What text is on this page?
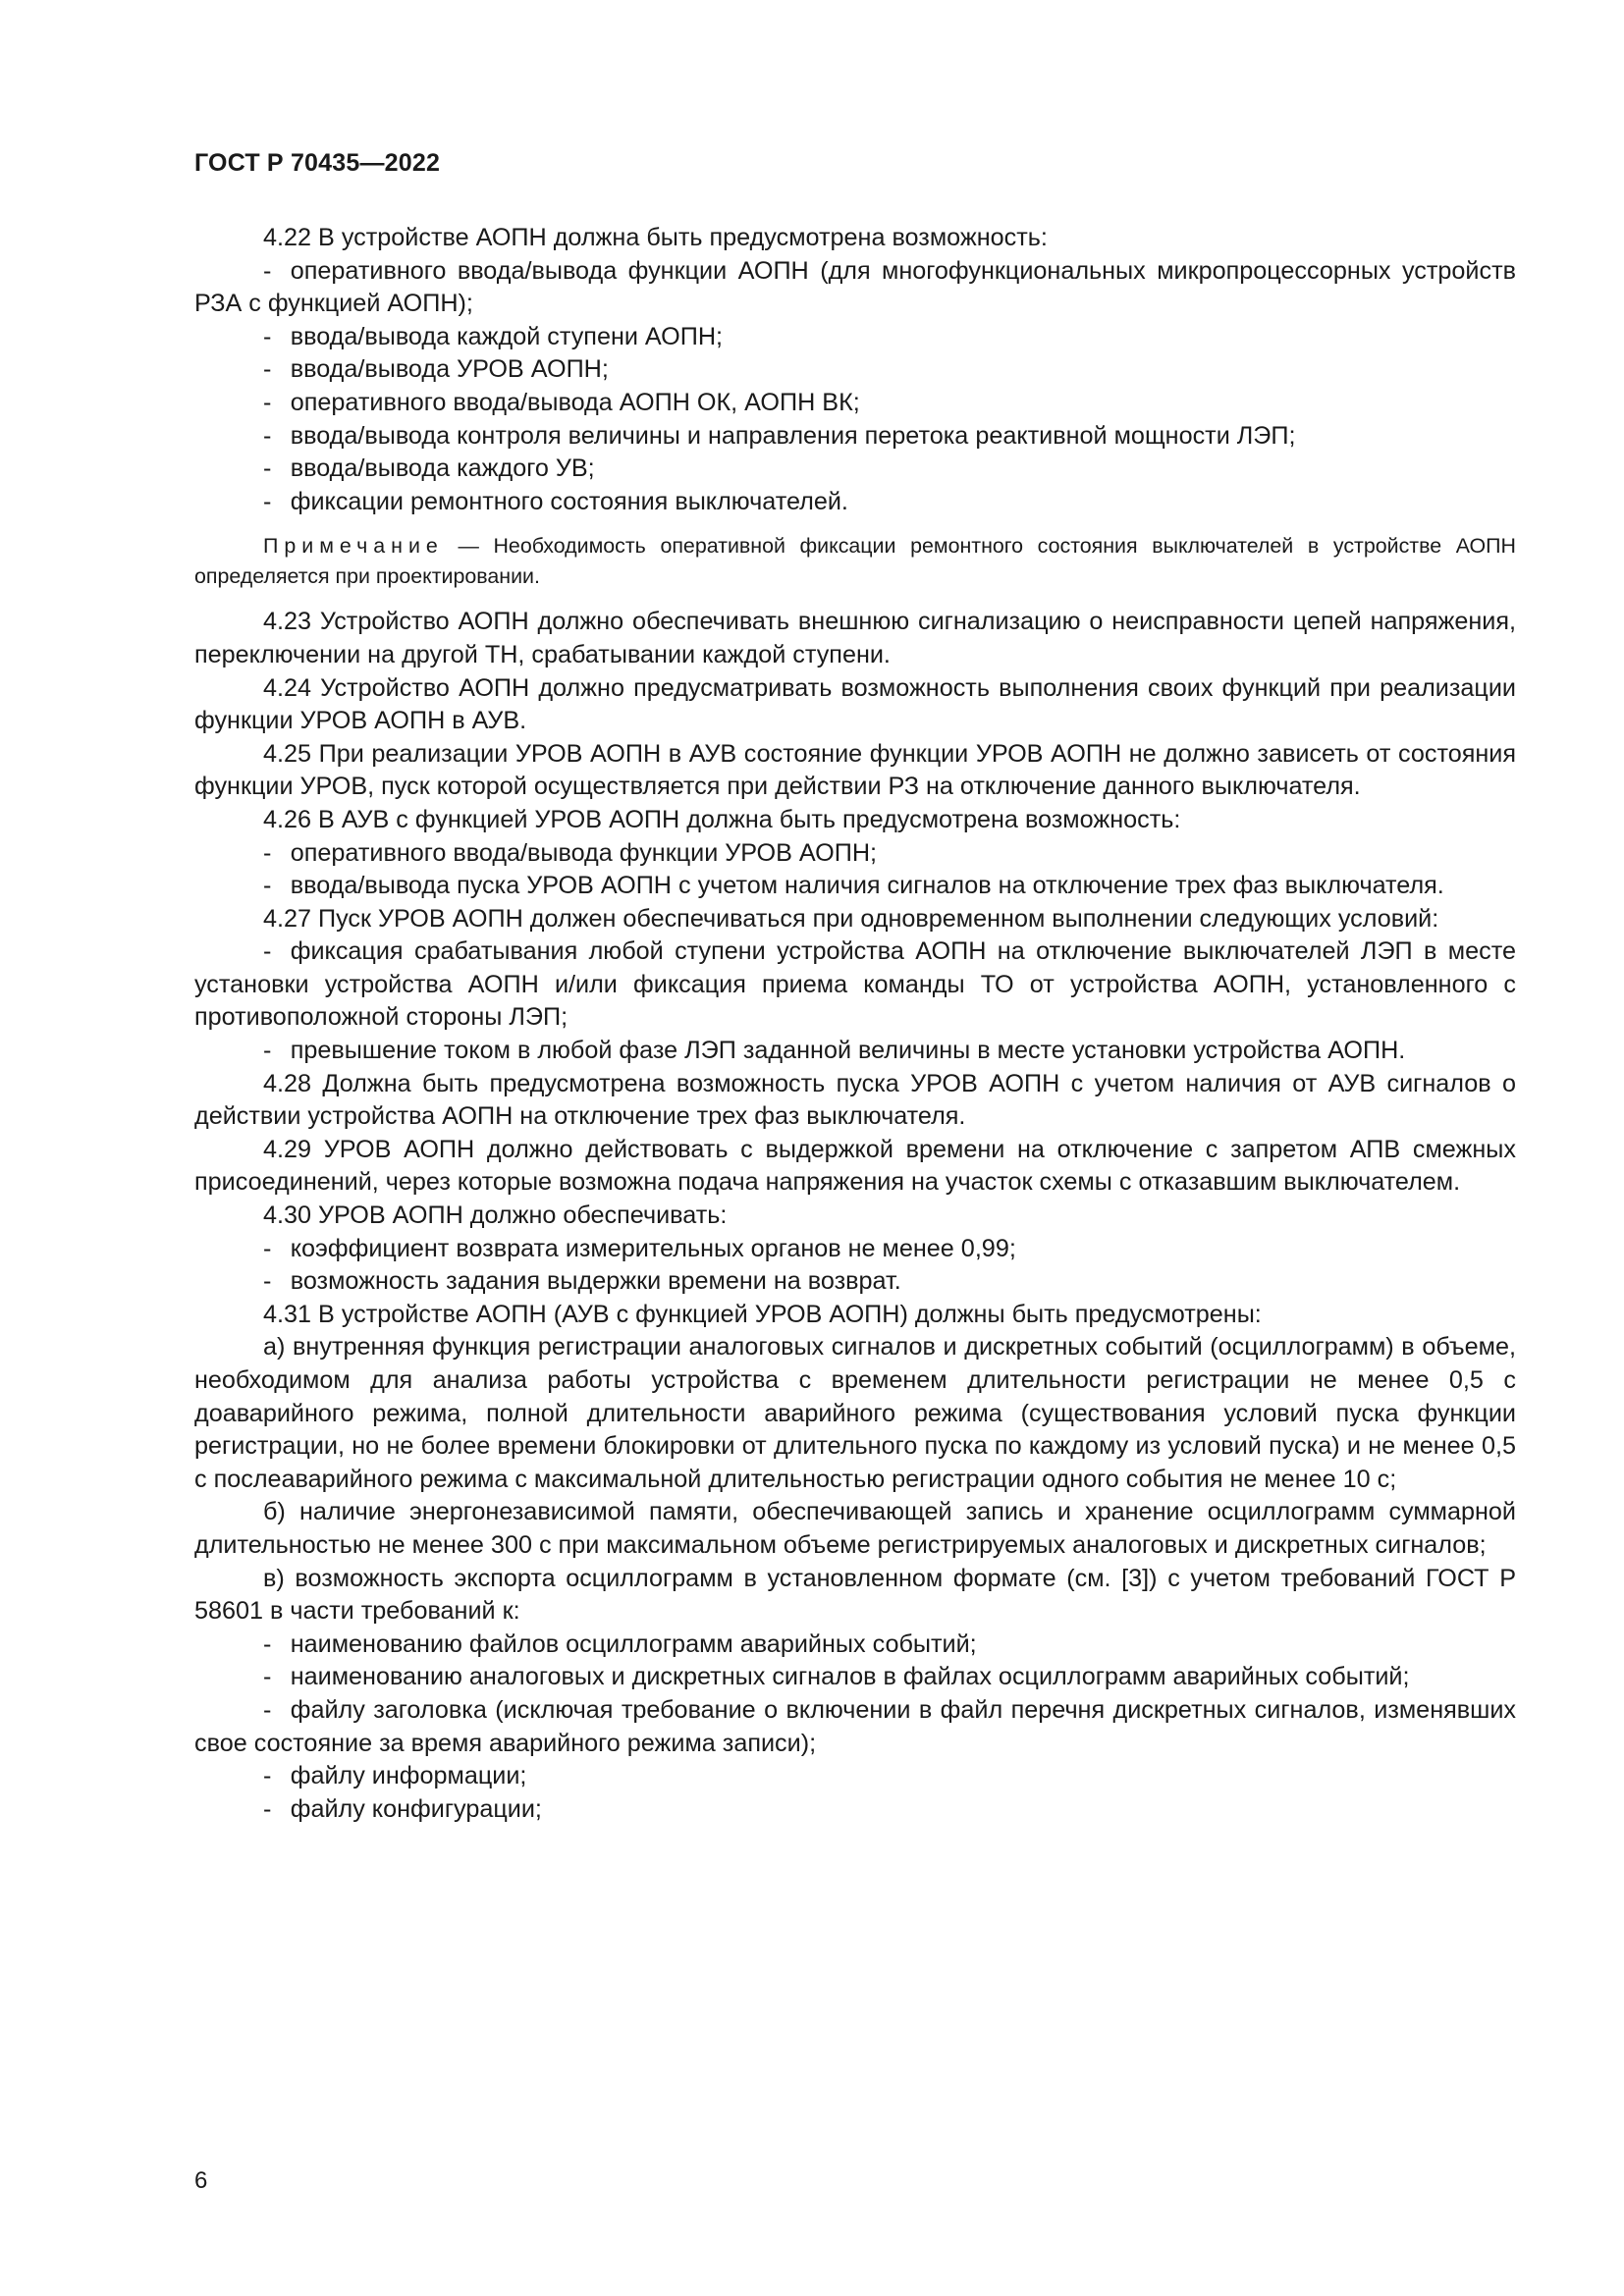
ГОСТ Р 70435—2022
4.22 В устройстве АОПН должна быть предусмотрена возможность:
- оперативного ввода/вывода функции АОПН (для многофункциональных микропроцессорных устройств РЗА с функцией АОПН);
- ввода/вывода каждой ступени АОПН;
- ввода/вывода УРОВ АОПН;
- оперативного ввода/вывода АОПН ОК, АОПН ВК;
- ввода/вывода контроля величины и направления перетока реактивной мощности ЛЭП;
- ввода/вывода каждого УВ;
- фиксации ремонтного состояния выключателей.
Примечание — Необходимость оперативной фиксации ремонтного состояния выключателей в устройстве АОПН определяется при проектировании.
4.23 Устройство АОПН должно обеспечивать внешнюю сигнализацию о неисправности цепей напряжения, переключении на другой ТН, срабатывании каждой ступени.
4.24 Устройство АОПН должно предусматривать возможность выполнения своих функций при реализации функции УРОВ АОПН в АУВ.
4.25 При реализации УРОВ АОПН в АУВ состояние функции УРОВ АОПН не должно зависеть от состояния функции УРОВ, пуск которой осуществляется при действии РЗ на отключение данного выключателя.
4.26 В АУВ с функцией УРОВ АОПН должна быть предусмотрена возможность:
- оперативного ввода/вывода функции УРОВ АОПН;
- ввода/вывода пуска УРОВ АОПН с учетом наличия сигналов на отключение трех фаз выключателя.
4.27 Пуск УРОВ АОПН должен обеспечиваться при одновременном выполнении следующих условий:
- фиксация срабатывания любой ступени устройства АОПН на отключение выключателей ЛЭП в месте установки устройства АОПН и/или фиксация приема команды ТО от устройства АОПН, установленного с противоположной стороны ЛЭП;
- превышение током в любой фазе ЛЭП заданной величины в месте установки устройства АОПН.
4.28 Должна быть предусмотрена возможность пуска УРОВ АОПН с учетом наличия от АУВ сигналов о действии устройства АОПН на отключение трех фаз выключателя.
4.29 УРОВ АОПН должно действовать с выдержкой времени на отключение с запретом АПВ смежных присоединений, через которые возможна подача напряжения на участок схемы с отказавшим выключателем.
4.30 УРОВ АОПН должно обеспечивать:
- коэффициент возврата измерительных органов не менее 0,99;
- возможность задания выдержки времени на возврат.
4.31 В устройстве АОПН (АУВ с функцией УРОВ АОПН) должны быть предусмотрены:
а) внутренняя функция регистрации аналоговых сигналов и дискретных событий (осциллограмм) в объеме, необходимом для анализа работы устройства с временем длительности регистрации не менее 0,5 с доаварийного режима, полной длительности аварийного режима (существования условий пуска функции регистрации, но не более времени блокировки от длительного пуска по каждому из условий пуска) и не менее 0,5 с послеаварийного режима с максимальной длительностью регистрации одного события не менее 10 с;
б) наличие энергонезависимой памяти, обеспечивающей запись и хранение осциллограмм суммарной длительностью не менее 300 с при максимальном объеме регистрируемых аналоговых и дискретных сигналов;
в) возможность экспорта осциллограмм в установленном формате (см. [3]) с учетом требований ГОСТ Р 58601 в части требований к:
- наименованию файлов осциллограмм аварийных событий;
- наименованию аналоговых и дискретных сигналов в файлах осциллограмм аварийных событий;
- файлу заголовка (исключая требование о включении в файл перечня дискретных сигналов, изменявших свое состояние за время аварийного режима записи);
- файлу информации;
- файлу конфигурации;
6
